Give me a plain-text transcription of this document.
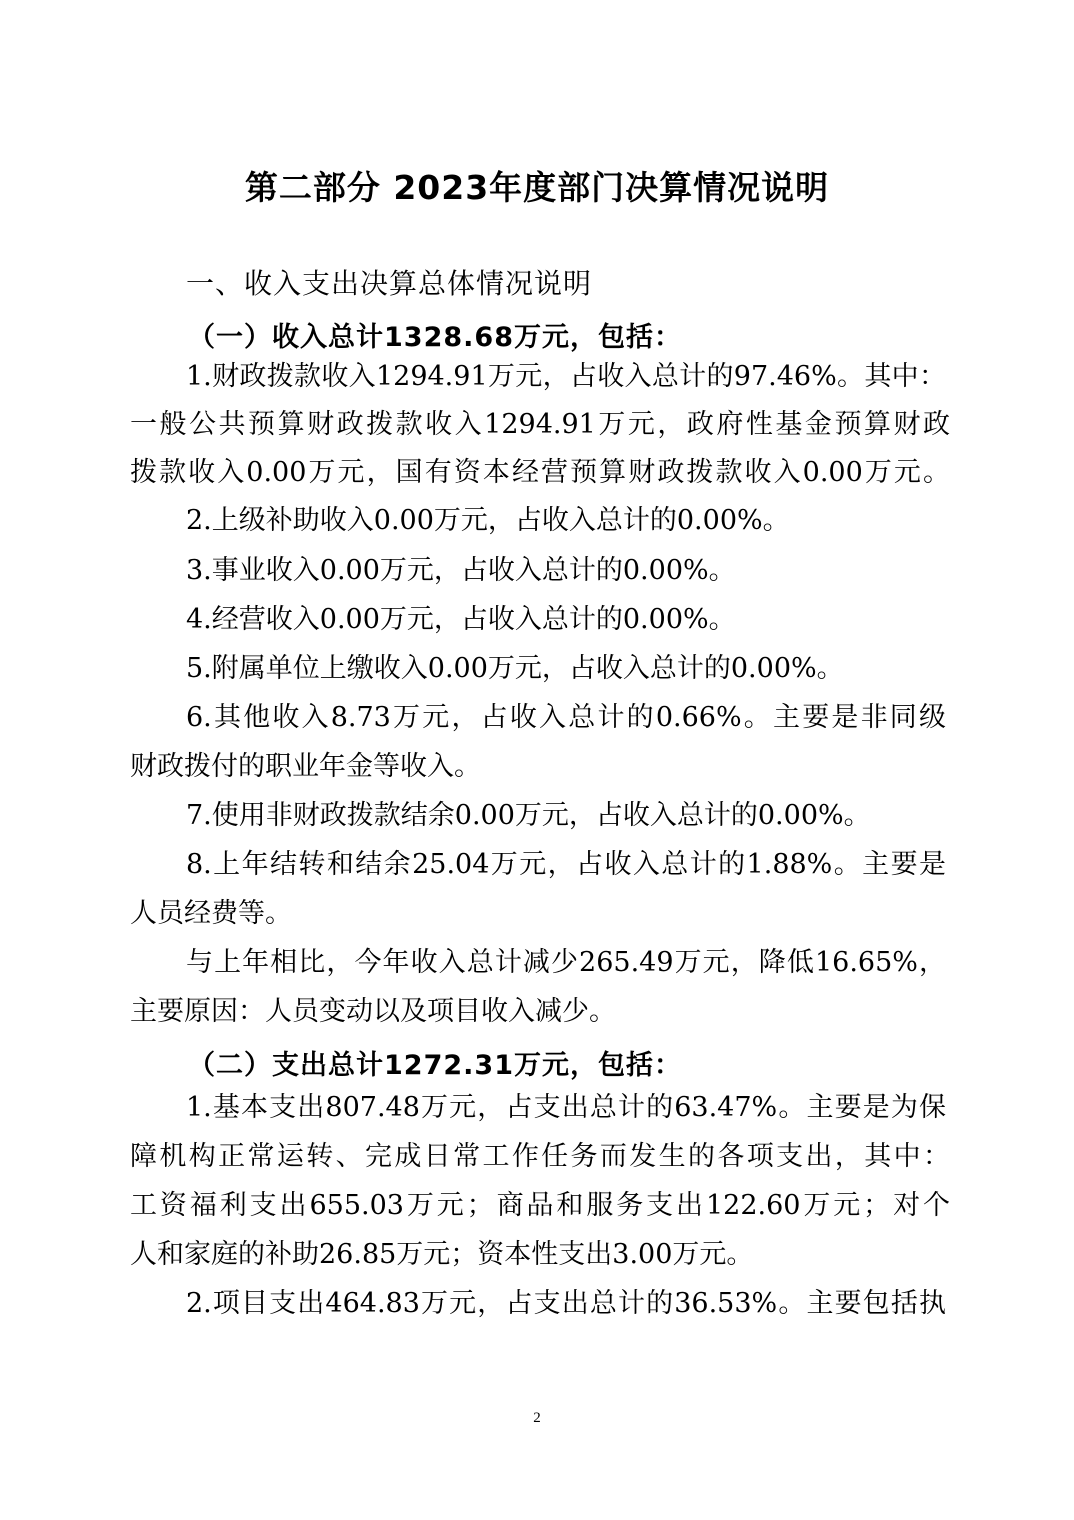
第二部分 2023年度部门决算情况说明
一、收入支出决算总体情况说明
（一）收入总计1328.68万元，包括：

1.财政拨款收入1294.91万元，占收入总计的97.46%。其中：

一般公共预算财政拨款收入1294.91万元，政府性基金预算财政

拨款收入0.00万元，国有资本经营预算财政拨款收入0.00万元。

2.上级补助收入0.00万元，占收入总计的0.00%。

3.事业收入0.00万元，占收入总计的0.00%。

4.经营收入0.00万元，占收入总计的0.00%。

5.附属单位上缴收入0.00万元，占收入总计的0.00%。

6.其他收入8.73万元，占收入总计的0.66%。主要是非同级

财政拨付的职业年金等收入。

7.使用非财政拨款结余0.00万元，占收入总计的0.00%。

8.上年结转和结余25.04万元，占收入总计的1.88%。主要是

人员经费等。

与上年相比，今年收入总计减少265.49万元，降低16.65%，

主要原因：人员变动以及项目收入减少。

（二）支出总计1272.31万元，包括：

1.基本支出807.48万元，占支出总计的63.47%。主要是为保

障机构正常运转、完成日常工作任务而发生的各项支出，其中：

工资福利支出655.03万元；商品和服务支出122.60万元；对个

人和家庭的补助26.85万元；资本性支出3.00万元。

2.项目支出464.83万元，占支出总计的36.53%。主要包括执

2
